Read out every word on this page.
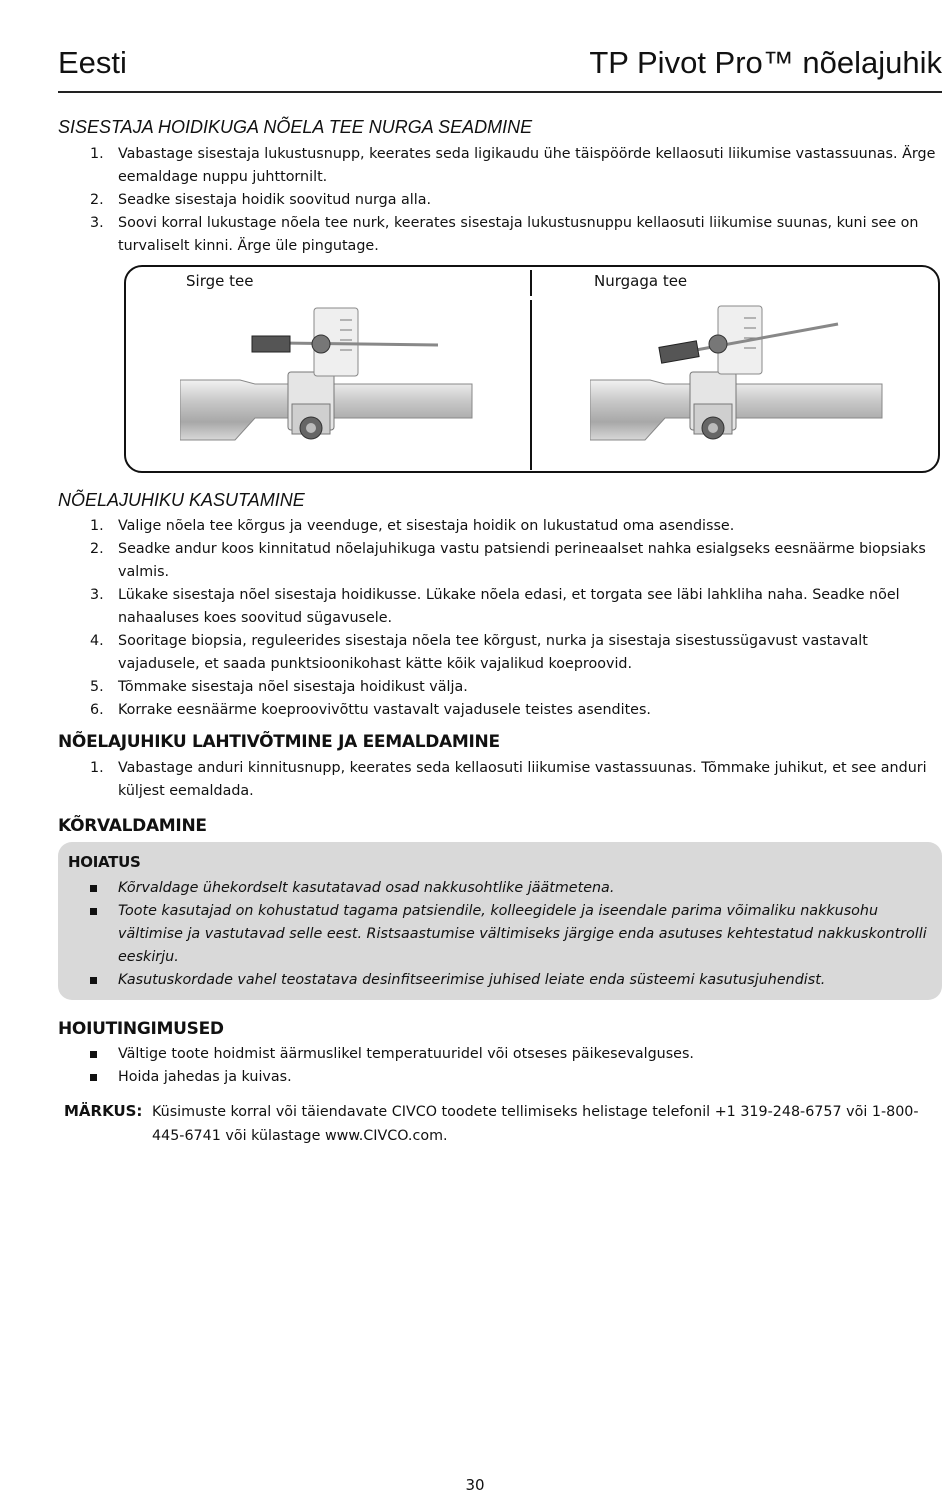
Eesti	TP Pivot Pro™ nõelajuhik
SISESTAJA HOIDIKUGA NÕELA TEE NURGA SEADMINE
1. Vabastage sisestaja lukustusnupp, keerates seda ligikaudu ühe täispöörde kellaosuti liikumise vastassuunas. Ärge eemaldage nuppu juhttornilt.
2. Seadke sisestaja hoidik soovitud nurga alla.
3. Soovi korral lukustage nõela tee nurk, keerates sisestaja lukustusnuppu kellaosuti liikumise suunas, kuni see on turvaliselt kinni. Ärge üle pingutage.
Sirge tee	Nurgaga tee
NÕELAJUHIKU KASUTAMINE
1. Valige nõela tee kõrgus ja veenduge, et sisestaja hoidik on lukustatud oma asendisse.
2. Seadke andur koos kinnitatud nõelajuhikuga vastu patsiendi perineaalset nahka esialgseks eesnäärme biopsiaks valmis.
3. Lükake sisestaja nõel sisestaja hoidikusse. Lükake nõela edasi, et torgata see läbi lahkliha naha. Seadke nõel nahaaluses koes soovitud sügavusele.
4. Sooritage biopsia, reguleerides sisestaja nõela tee kõrgust, nurka ja sisestaja sisestussügavust vastavalt vajadusele, et saada punktsioonikohast kätte kõik vajalikud koeproovid.
5. Tõmmake sisestaja nõel sisestaja hoidikust välja.
6. Korrake eesnäärme koeproovivõttu vastavalt vajadusele teistes asendites.
NÕELAJUHIKU LAHTIVÕTMINE JA EEMALDAMINE
1. Vabastage anduri kinnitusnupp, keerates seda kellaosuti liikumise vastassuunas. Tõmmake juhikut, et see anduri küljest eemaldada.
KÕRVALDAMINE
HOIATUS
Kõrvaldage ühekordselt kasutatavad osad nakkusohtlike jäätmetena.
Toote kasutajad on kohustatud tagama patsiendile, kolleegidele ja iseendale parima võimaliku nakkusohu vältimise ja vastutavad selle eest. Ristsaastumise vältimiseks järgige enda asutuses kehtestatud nakkuskontrolli eeskirju.
Kasutuskordade vahel teostatava desinfitseerimise juhised leiate enda süsteemi kasutusjuhendist.
HOIUTINGIMUSED
Vältige toote hoidmist äärmuslikel temperatuuridel või otseses päikesevalguses.
Hoida jahedas ja kuivas.
MÄRKUS: Küsimuste korral või täiendavate CIVCO toodete tellimiseks helistage telefonil +1 319-248-6757 või 1-800-445-6741 või külastage www.CIVCO.com.
30
